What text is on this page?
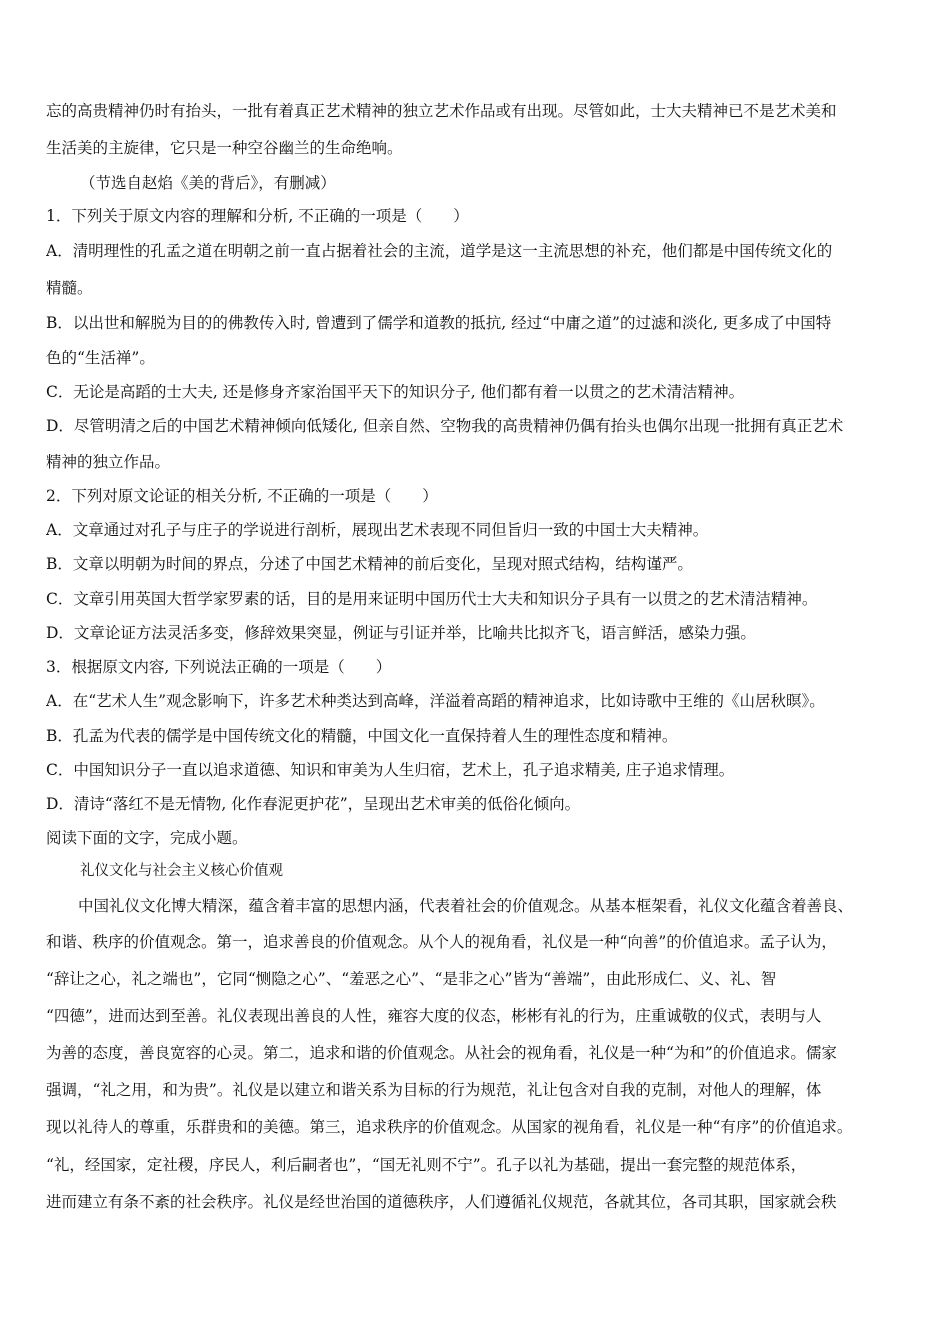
忘的高贵精神仍时有抬头，一批有着真正艺术精神的独立艺术作品或有出现。尽管如此，士大夫精神已不是艺术美和
生活美的主旋律，它只是一种空谷幽兰的生命绝响。
（节选自赵焰《美的背后》，有删减）
1．下列关于原文内容的理解和分析, 不正确的一项是（　　）
A．清明理性的孔孟之道在明朝之前一直占据着社会的主流，道学是这一主流思想的补充，他们都是中国传统文化的
精髓。
B．以出世和解脱为目的的佛教传入时, 曾遭到了儒学和道教的抵抗, 经过“中庸之道”的过滤和淡化, 更多成了中国特
色的“生活禅”。
C．无论是高蹈的士大夫, 还是修身齐家治国平天下的知识分子, 他们都有着一以贯之的艺术清洁精神。
D．尽管明清之后的中国艺术精神倾向低矮化, 但亲自然、空物我的高贵精神仍偶有抬头也偶尔出现一批拥有真正艺术
精神的独立作品。
2．下列对原文论证的相关分析, 不正确的一项是（　　）
A．文章通过对孔子与庄子的学说进行剖析，展现出艺术表现不同但旨归一致的中国士大夫精神。
B．文章以明朝为时间的界点，分述了中国艺术精神的前后变化，呈现对照式结构，结构谨严。
C．文章引用英国大哲学家罗素的话，目的是用来证明中国历代士大夫和知识分子具有一以贯之的艺术清洁精神。
D．文章论证方法灵活多变，修辞效果突显，例证与引证并举，比喻共比拟齐飞，语言鲜活，感染力强。
3．根据原文内容, 下列说法正确的一项是（　　）
A．在“艺术人生”观念影响下，许多艺术种类达到高峰，洋溢着高蹈的精神追求，比如诗歌中王维的《山居秋暝》。
B．孔孟为代表的儒学是中国传统文化的精髓，中国文化一直保持着人生的理性态度和精神。
C．中国知识分子一直以追求道德、知识和审美为人生归宿，艺术上，孔子追求精美, 庄子追求情理。
D．清诗“落红不是无情物, 化作春泥更护花”，呈现出艺术审美的低俗化倾向。
阅读下面的文字，完成小题。
礼仪文化与社会主义核心价值观
中国礼仪文化博大精深，蕴含着丰富的思想内涵，代表着社会的价值观念。从基本框架看，礼仪文化蕴含着善良、
和谐、秩序的价值观念。第一，追求善良的价值观念。从个人的视角看，礼仪是一种“向善”的价值追求。孟子认为，
“辞让之心，礼之端也”，它同“恻隐之心”、“羞恶之心”、“是非之心”皆为“善端”，由此形成仁、义、礼、智
“四德”，进而达到至善。礼仪表现出善良的人性，雍容大度的仪态，彬彬有礼的行为，庄重诚敬的仪式，表明与人
为善的态度，善良宽容的心灵。第二，追求和谐的价值观念。从社会的视角看，礼仪是一种“为和”的价值追求。儒家
强调，“礼之用，和为贵”。礼仪是以建立和谐关系为目标的行为规范，礼让包含对自我的克制，对他人的理解，体
现以礼待人的尊重，乐群贵和的美德。第三，追求秩序的价值观念。从国家的视角看，礼仪是一种“有序”的价值追求。
“礼，经国家，定社稷，序民人，利后嗣者也”，“国无礼则不宁”。孔子以礼为基础，提出一套完整的规范体系，
进而建立有条不紊的社会秩序。礼仪是经世治国的道德秩序，人们遵循礼仪规范，各就其位，各司其职，国家就会秩
